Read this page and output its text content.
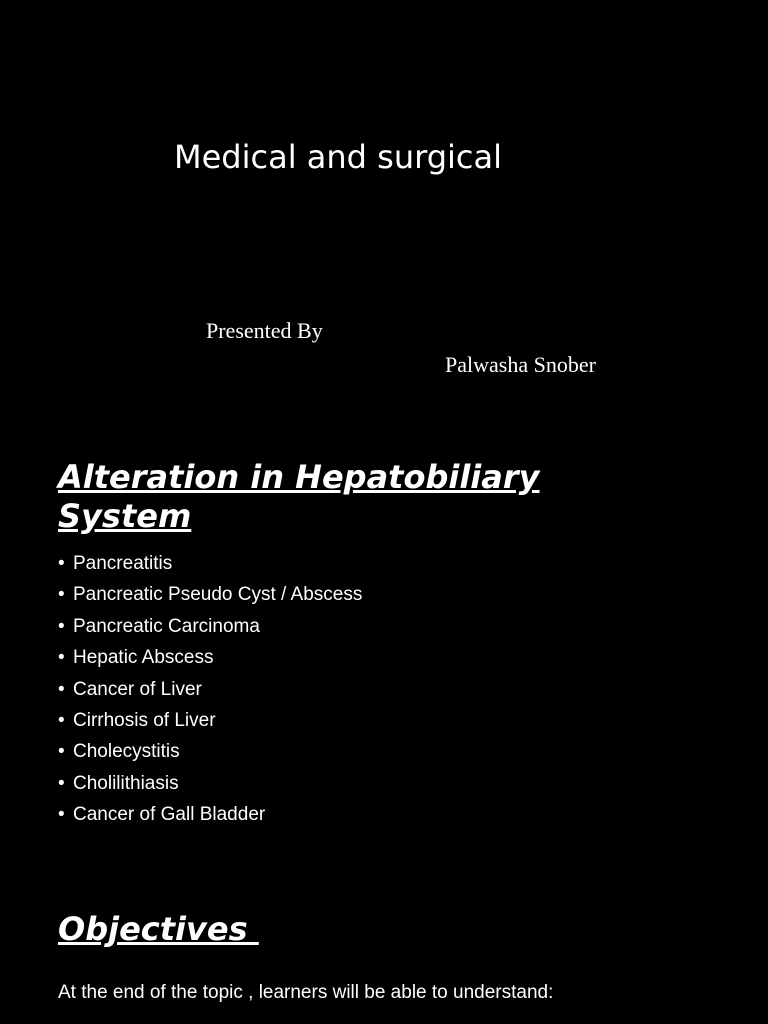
Medical and surgical
Presented By
Palwasha Snober
Alteration in Hepatobiliary System
• Pancreatitis
• Pancreatic Pseudo Cyst / Abscess
• Pancreatic Carcinoma
• Hepatic Abscess
• Cancer of Liver
• Cirrhosis of Liver
• Cholecystitis
• Cholilithiasis
• Cancer of Gall Bladder
Objectives
At the end of the topic , learners will be able to understand:
